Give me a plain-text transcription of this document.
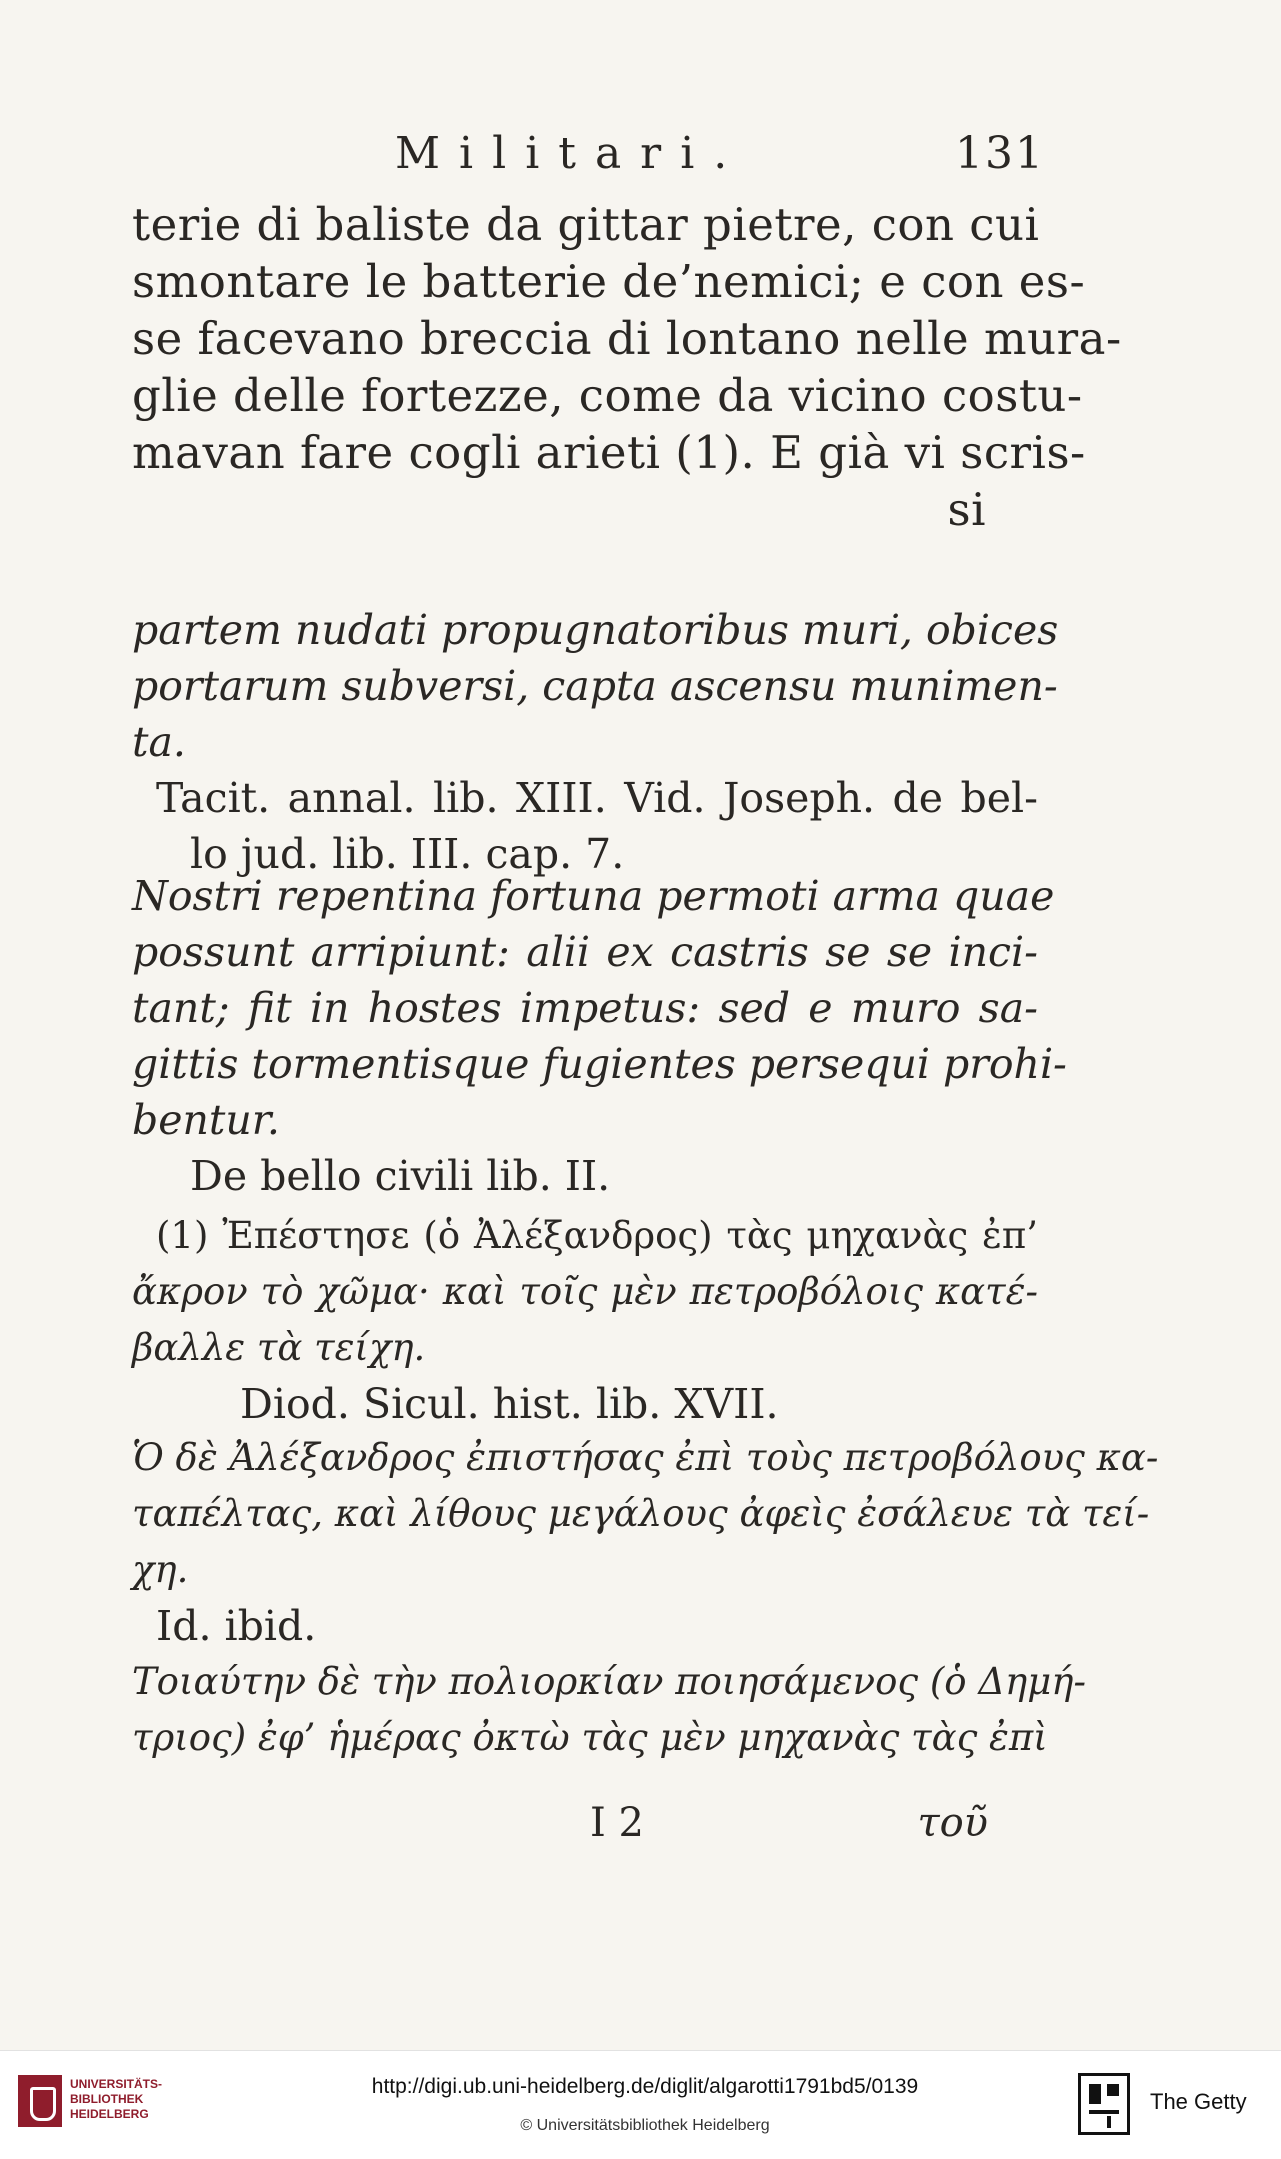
Militari.	131
terie di baliste da gittar pietre, con cui
smontare le batterie de’nemici; e con es-
se facevano breccia di lontano nelle mura-
glie delle fortezze, come da vicino costu-
mavan fare cogli arieti (1). E già vi scris-
si
partem nudati propugnatoribus muri, obices
portarum subversi, capta ascensu munimen-
ta.
Tacit. annal. lib. XIII. Vid. Joseph. de bel-
lo jud. lib. III. cap. 7.
Nostri repentina fortuna permoti arma quae
possunt arripiunt: alii ex castris se se inci-
tant; fit in hostes impetus: sed e muro sa-
gittis tormentisque fugientes persequi prohi-
bentur.
De bello civili lib. II.
(1) Ἐπέστησε (ὁ Ἀλέξανδρος) τὰς μηχανὰς ἐπ’
ἄκρον τὸ χῶμα· καὶ τοῖς μὲν πετροβόλοις κατέ-
βαλλε τὰ τείχη.
Diod. Sicul. hist. lib. XVII.
Ὁ δὲ Ἀλέξανδρος ἐπιστήσας ἐπὶ τοὺς πετροβόλους κα-
ταπέλτας, καὶ λίθους μεγάλους ἀφεὶς ἐσάλευε τὰ τεί-
χη.
Id. ibid.
Τοιαύτην δὲ τὴν πολιορκίαν ποιησάμενος (ὁ Δημή-
τριος) ἐφ’ ἡμέρας ὀκτὼ τὰς μὲν μηχανὰς τὰς ἐπὶ
I 2	τοῦ
UNIVERSITÄTS-
BIBLIOTHEK
HEIDELBERG
http://digi.ub.uni-heidelberg.de/diglit/algarotti1791bd5/0139
© Universitätsbibliothek Heidelberg
The Getty
